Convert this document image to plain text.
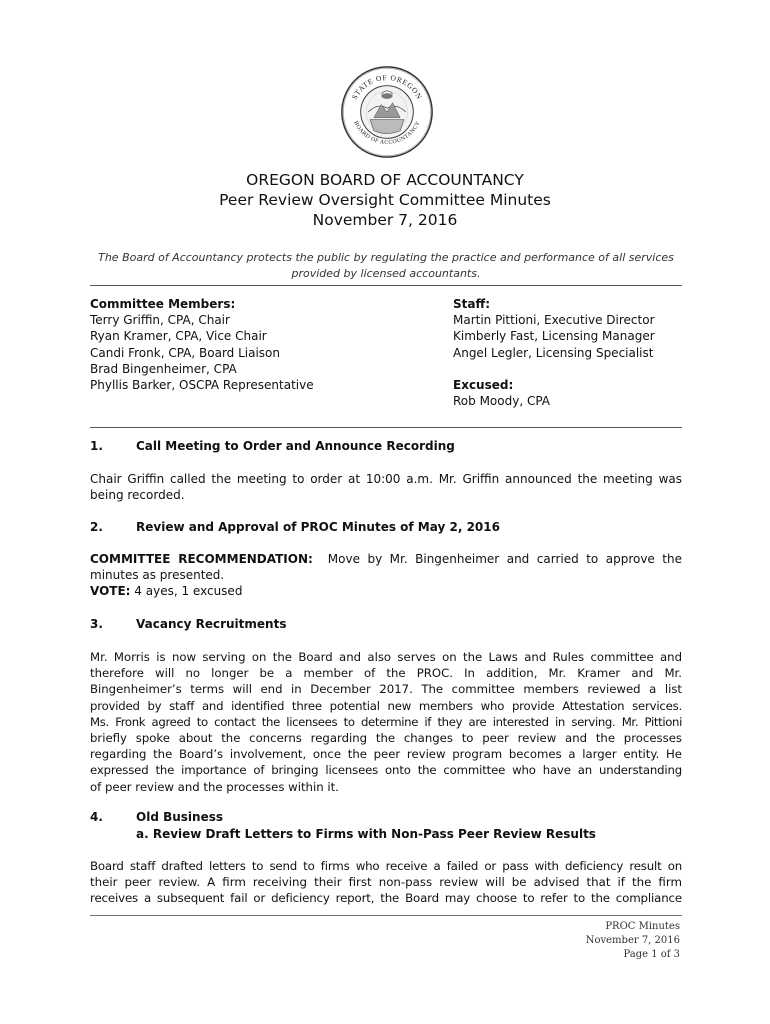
STATE OF OREGON
BOARD OF ACCOUNTANCY
OREGON BOARD OF ACCOUNTANCY
Peer Review Oversight Committee Minutes
November 7, 2016
The Board of Accountancy protects the public by regulating the practice and performance of all services
provided by licensed accountants.
Committee Members:
Terry Griffin, CPA, Chair
Ryan Kramer, CPA, Vice Chair
Candi Fronk, CPA, Board Liaison
Brad Bingenheimer, CPA
Phyllis Barker, OSCPA Representative
Staff:
Martin Pittioni, Executive Director
Kimberly Fast, Licensing Manager
Angel Legler, Licensing Specialist
Excused:
Rob Moody, CPA
1.	Call Meeting to Order and Announce Recording
Chair Griffin called the meeting to order at 10:00 a.m. Mr. Griffin announced the meeting was
being recorded.
2.	Review and Approval of PROC Minutes of May 2, 2016
COMMITTEE RECOMMENDATION: Move by Mr. Bingenheimer and carried to approve the
minutes as presented.
VOTE: 4 ayes, 1 excused
3.	Vacancy Recruitments
Mr. Morris is now serving on the Board and also serves on the Laws and Rules committee and
therefore will no longer be a member of the PROC. In addition, Mr. Kramer and Mr.
Bingenheimer’s terms will end in December 2017. The committee members reviewed a list
provided by staff and identified three potential new members who provide Attestation services.
Ms. Fronk agreed to contact the licensees to determine if they are interested in serving. Mr. Pittioni
briefly spoke about the concerns regarding the changes to peer review and the processes
regarding the Board’s involvement, once the peer review program becomes a larger entity. He
expressed the importance of bringing licensees onto the committee who have an understanding
of peer review and the processes within it.
4.	Old Business
a. Review Draft Letters to Firms with Non-Pass Peer Review Results
Board staff drafted letters to send to firms who receive a failed or pass with deficiency result on
their peer review. A firm receiving their first non-pass review will be advised that if the firm
receives a subsequent fail or deficiency report, the Board may choose to refer to the compliance
PROC Minutes
November 7, 2016
Page 1 of 3
